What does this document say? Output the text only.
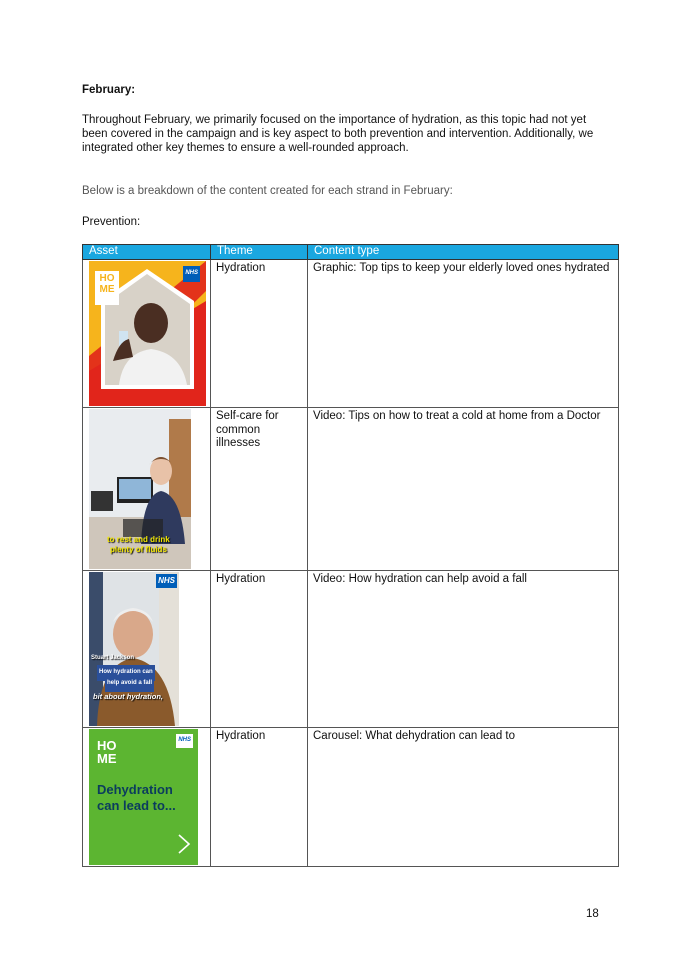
February:
Throughout February, we primarily focused on the importance of hydration, as this topic had not yet been covered in the campaign and is key aspect to both prevention and intervention. Additionally, we integrated other key themes to ensure a well-rounded approach.
Below is a breakdown of the content created for each strand in February:
Prevention:
Asset	Theme	Content type

HO
ME
NHS	Hydration	Graphic: Top tips to keep your elderly loved ones hydrated

to rest and drink
plenty of fluids	Self-care for common illnesses	Video: Tips on how to treat a cold at home from a Doctor

NHS
Stuart Jackson
How hydration can
help avoid a fall
bit about hydration,	Hydration	Video: How hydration can help avoid a fall

HO
ME
NHS
Dehydration
can lead to...	Hydration	Carousel: What dehydration can lead to
18
